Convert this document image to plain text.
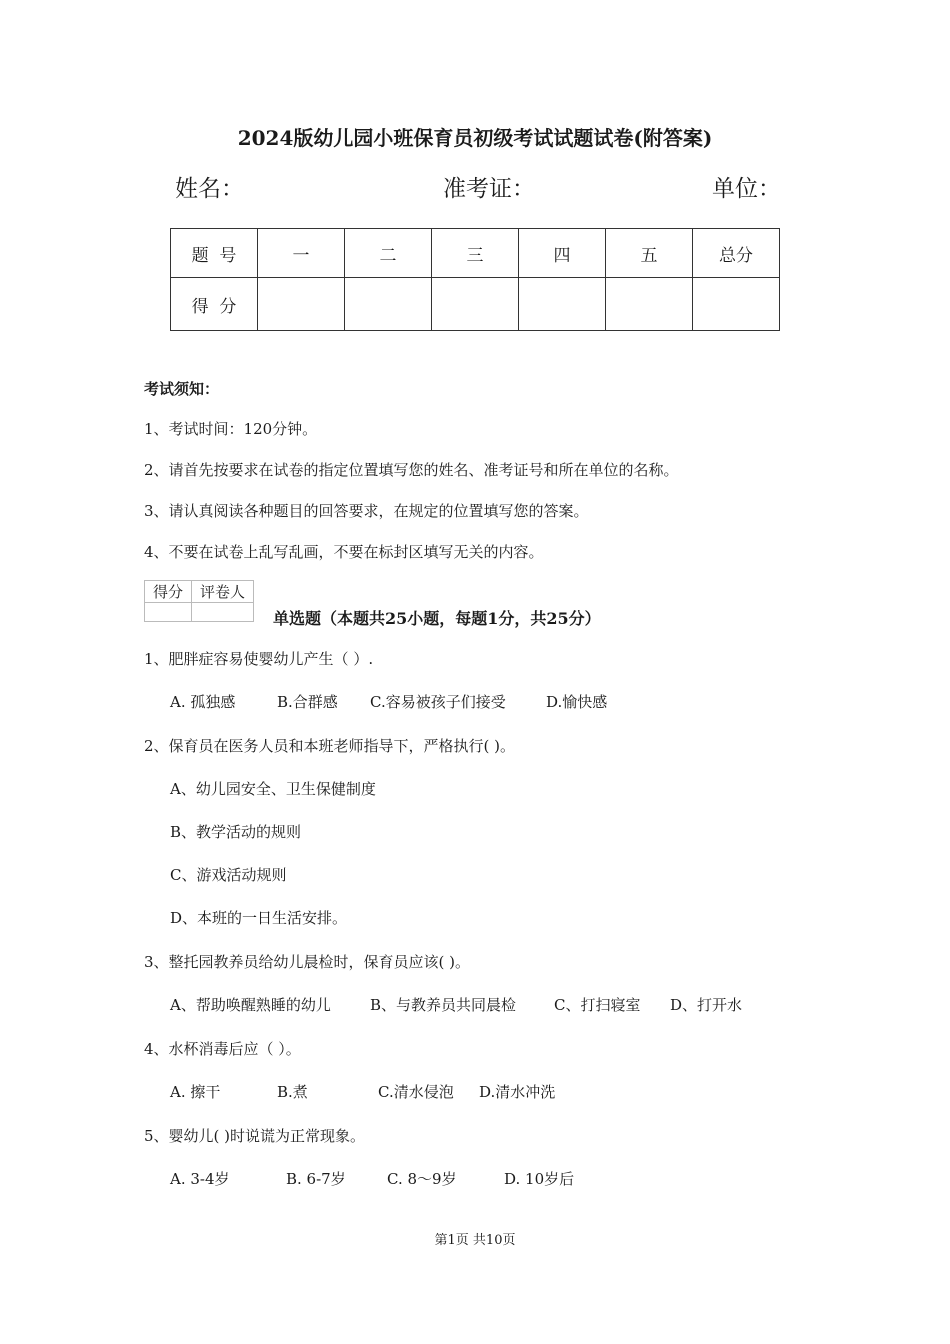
2024版幼儿园小班保育员初级考试试题试卷(附答案)
姓名：	准考证：	单位：
题  号	一	二	三	四	五	总分
得  分						
考试须知：
1、考试时间：120分钟。
2、请首先按要求在试卷的指定位置填写您的姓名、准考证号和所在单位的名称。
3、请认真阅读各种题目的回答要求，在规定的位置填写您的答案。
4、不要在试卷上乱写乱画，不要在标封区填写无关的内容。
得分	评卷人

单选题（本题共25小题，每题1分，共25分）
1、肥胖症容易使婴幼儿产生（ ）.
A. 孤独感	B.合群感 C.容易被孩子们接受	D.愉快感
2、保育员在医务人员和本班老师指导下，严格执行( )。
A、幼儿园安全、卫生保健制度
B、教学活动的规则
C、游戏活动规则
D、本班的一日生活安排。
3、整托园教养员给幼儿晨检时，保育员应该( )。
A、帮助唤醒熟睡的幼儿	B、与教养员共同晨检	C、打扫寝室 D、打开水
4、水杯消毒后应（ ）。
A. 擦干	B.煮	C.清水侵泡 D.清水冲洗
5、婴幼儿( )时说谎为正常现象。
A. 3-4岁	B. 6-7岁	C. 8～9岁	D. 10岁后
第1页 共10页
